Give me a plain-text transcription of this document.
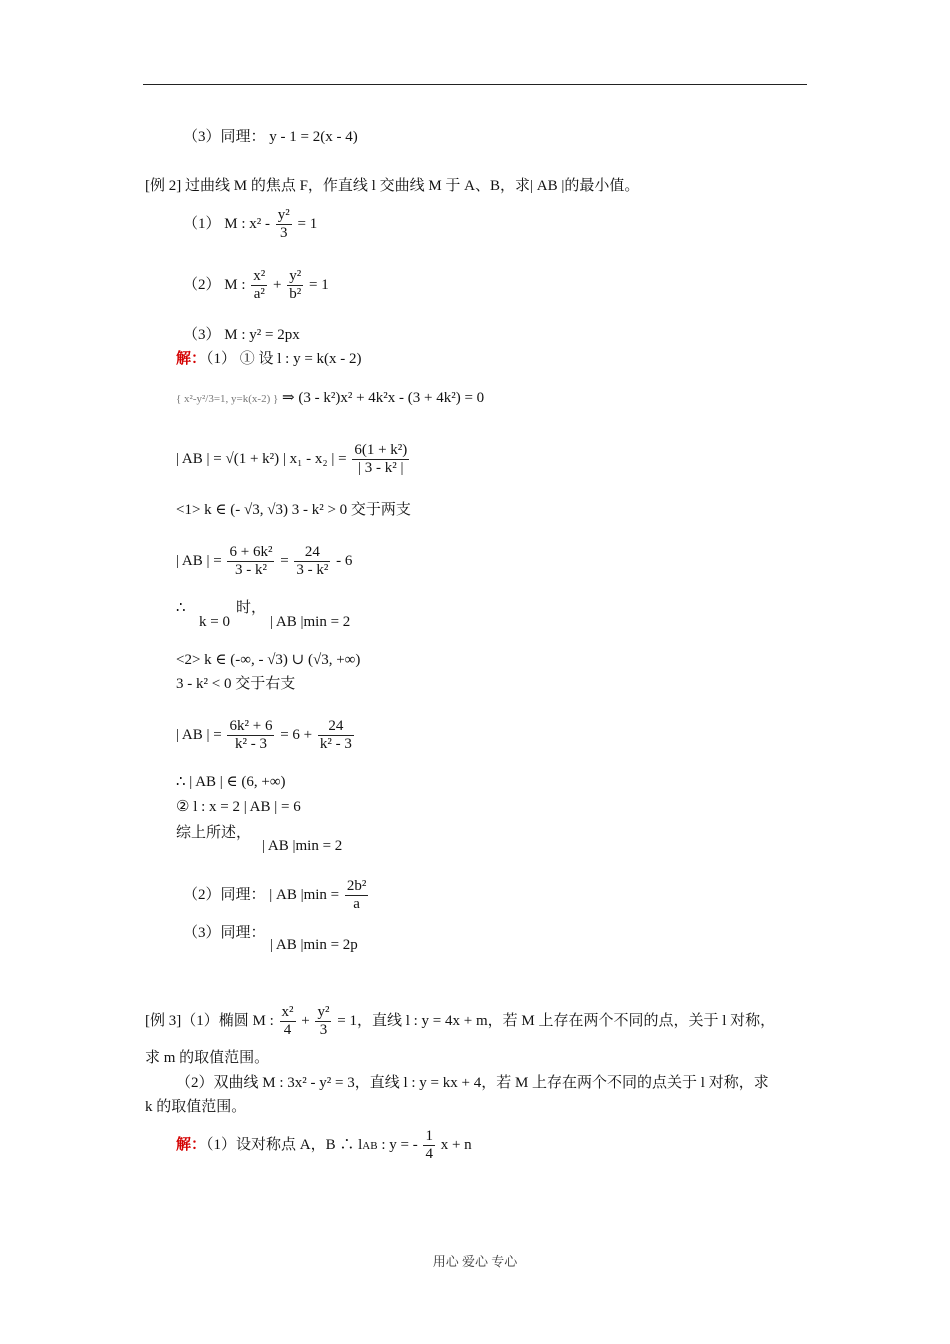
（3）同理： y - 1 = 2(x - 4)
[例 2] 过曲线 M 的焦点 F，作直线 l 交曲线 M 于 A、B，求| AB |的最小值。
（1） M : $x^2 - \frac{\text{y²}}{3} = 1$
（2） M : $\frac{\text{x²}}{\text{a²}} + \frac{\text{y²}}{\text{b²}} = 1$
（3） M : y² = 2px
解：（1） ① 设 l : y = k(x - 2)
{ x²-y²/3=1, y=k(x-2) } ⇒ (3 - k²)x² + 4k²x - (3 + 4k²) = 0
| AB | = √(1 + k²) | x₁ - x₂ | = $\frac{\text{6(1 + k²)}}{\text{| 3 - k² |}}$
<1> k ∈ (- √3, √3) 3 - k² > 0 交于两支
| AB | = $\frac{\text{6 + 6k²}}{\text{3 - k²}} = \frac{24}{\text{3 - k²}} - 6$
∴
k = 0
时，
| AB |min = 2
<2> k ∈ (-∞, - √3) ∪ (√3, +∞)
3 - k² < 0 交于右支
| AB | = $\frac{\text{6k² + 6}}{\text{k² - 3}} = 6 + \frac{24}{\text{k² - 3}}$
∴ | AB | ∈ (6, +∞)
② l : x = 2 | AB | = 6
综上所述，
| AB |min = 2
（2）同理： | AB $|\min = \frac{\text{2b²}}{a}$
（3）同理：
| AB |min = 2p
[例 3]（1）椭圆 M : $\frac{\text{x²}}{4} + \frac{\text{y²}}{3} = 1$，直线 l : y = 4x + m，若 M 上存在两个不同的点，关于 l 对称，
求 m 的取值范围。
（2）双曲线 M : 3x² - y² = 3，直线 l : y = kx + 4，若 M 上存在两个不同的点关于 l 对称，求
k 的取值范围。
解：（1）设对称点 A，B ∴ lAB : y = - $\frac{1}{4}$ x + n
用心 爱心 专心
